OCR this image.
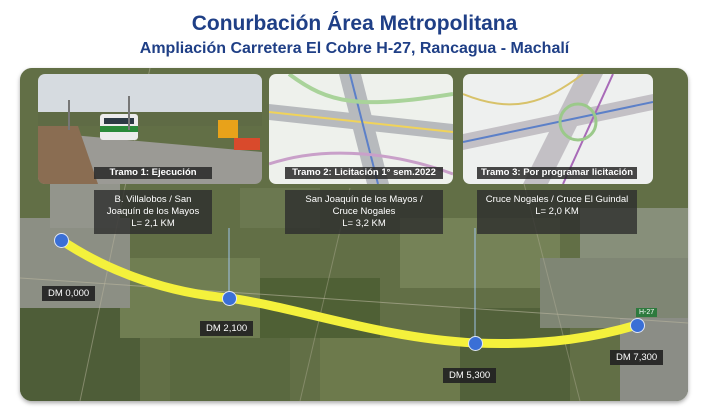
Conurbación Área Metropolitana
Ampliación Carretera El Cobre H-27, Rancagua - Machalí
DM 0,000
DM 2,100
DM 5,300
DM 7,300
H-27
Tramo 1: Ejecución
B. Villalobos / San
Joaquín de los Mayos
L= 2,1 KM
Tramo 2: Licitación 1° sem.2022
San Joaquín de los Mayos /
Cruce Nogales
L= 3,2 KM
Tramo 3: Por programar licitación
Cruce Nogales / Cruce El Guindal
L= 2,0 KM
